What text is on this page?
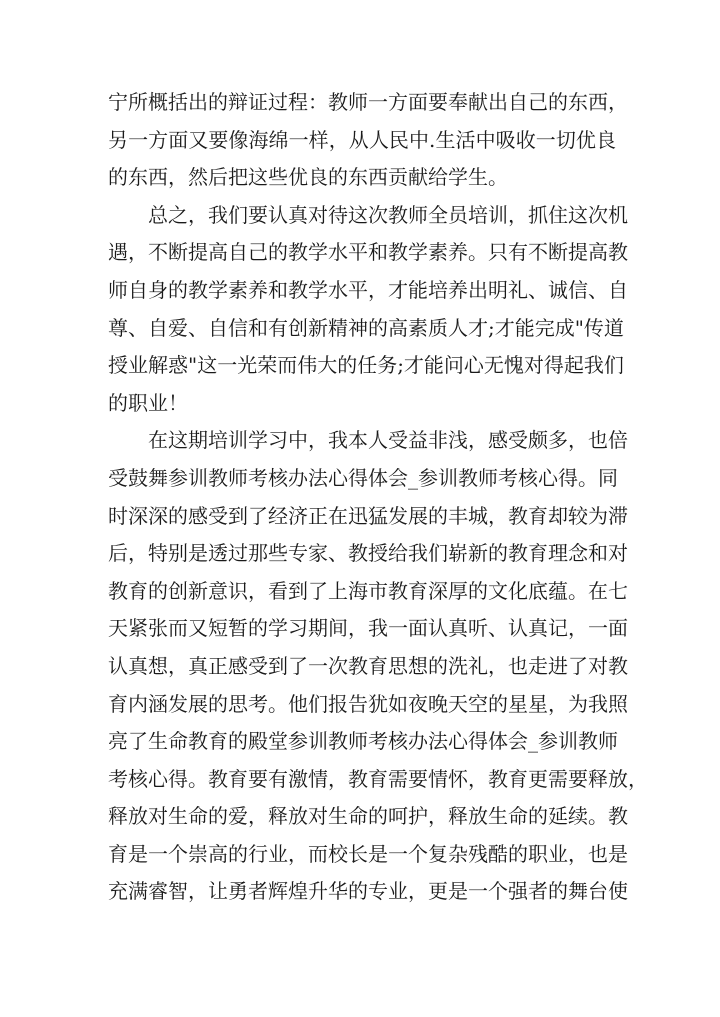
宁所概括出的辩证过程：教师一方面要奉献出自己的东西，
另一方面又要像海绵一样，从人民中.生活中吸收一切优良
的东西，然后把这些优良的东西贡献给学生。
总之，我们要认真对待这次教师全员培训，抓住这次机
遇，不断提高自己的教学水平和教学素养。只有不断提高教
师自身的教学素养和教学水平，才能培养出明礼、诚信、自
尊、自爱、自信和有创新精神的高素质人才;才能完成"传道
授业解惑"这一光荣而伟大的任务;才能问心无愧对得起我们
的职业！
在这期培训学习中，我本人受益非浅，感受颇多，也倍
受鼓舞参训教师考核办法心得体会_参训教师考核心得。同
时深深的感受到了经济正在迅猛发展的丰城，教育却较为滞
后，特别是透过那些专家、教授给我们崭新的教育理念和对
教育的创新意识，看到了上海市教育深厚的文化底蕴。在七
天紧张而又短暂的学习期间，我一面认真听、认真记，一面
认真想，真正感受到了一次教育思想的洗礼，也走进了对教
育内涵发展的思考。他们报告犹如夜晚天空的星星，为我照
亮了生命教育的殿堂参训教师考核办法心得体会_参训教师
考核心得。教育要有激情，教育需要情怀，教育更需要释放，
释放对生命的爱，释放对生命的呵护，释放生命的延续。教
育是一个崇高的行业，而校长是一个复杂残酷的职业，也是
充满睿智，让勇者辉煌升华的专业，更是一个强者的舞台使
